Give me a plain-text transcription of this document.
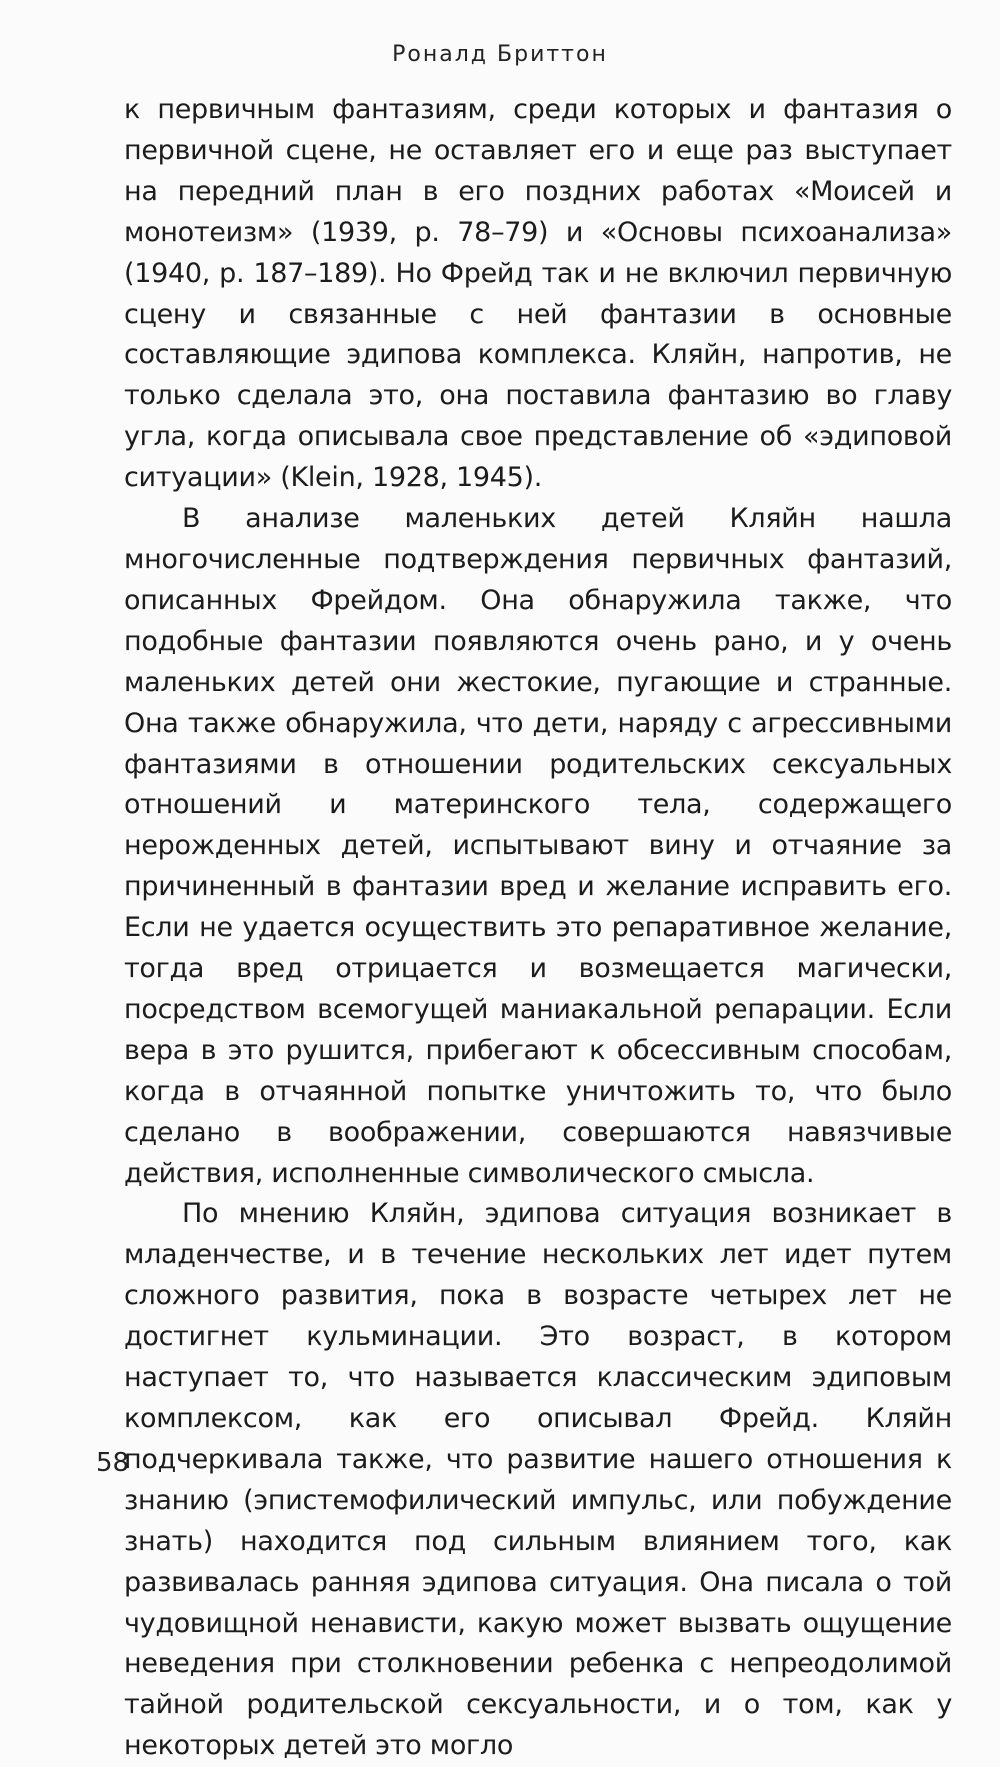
Роналд Бриттон

к первичным фантазиям, среди которых и фантазия о первичной сцене, не оставляет его и еще раз выступает на передний план в его поздних работах «Моисей и монотеизм» (1939, р. 78–79) и «Основы психоанализа» (1940, р. 187–189). Но Фрейд так и не включил первичную сцену и связанные с ней фантазии в основные составляющие эдипова комплекса. Кляйн, напротив, не только сделала это, она поставила фантазию во главу угла, когда описывала свое представление об «эдиповой ситуации» (Klein, 1928, 1945).

В анализе маленьких детей Кляйн нашла многочисленные подтверждения первичных фантазий, описанных Фрейдом. Она обнаружила также, что подобные фантазии появляются очень рано, и у очень маленьких детей они жестокие, пугающие и странные. Она также обнаружила, что дети, наряду с агрессивными фантазиями в отношении родительских сексуальных отношений и материнского тела, содержащего нерожденных детей, испытывают вину и отчаяние за причиненный в фантазии вред и желание исправить его. Если не удается осуществить это репаративное желание, тогда вред отрицается и возмещается магически, посредством всемогущей маниакальной репарации. Если вера в это рушится, прибегают к обсессивным способам, когда в отчаянной попытке уничтожить то, что было сделано в воображении, совершаются навязчивые действия, исполненные символического смысла.

По мнению Кляйн, эдипова ситуация возникает в младенчестве, и в течение нескольких лет идет путем сложного развития, пока в возрасте четырех лет не достигнет кульминации. Это возраст, в котором наступает то, что называется классическим эдиповым комплексом, как его описывал Фрейд. Кляйн подчеркивала также, что развитие нашего отношения к знанию (эпистемофилический импульс, или побуждение знать) находится под сильным влиянием того, как развивалась ранняя эдипова ситуация. Она писала о той чудовищной ненависти, какую может вызвать ощущение неведения при столкновении ребенка с непреодолимой тайной родительской сексуальности, и о том, как у некоторых детей это могло

58
